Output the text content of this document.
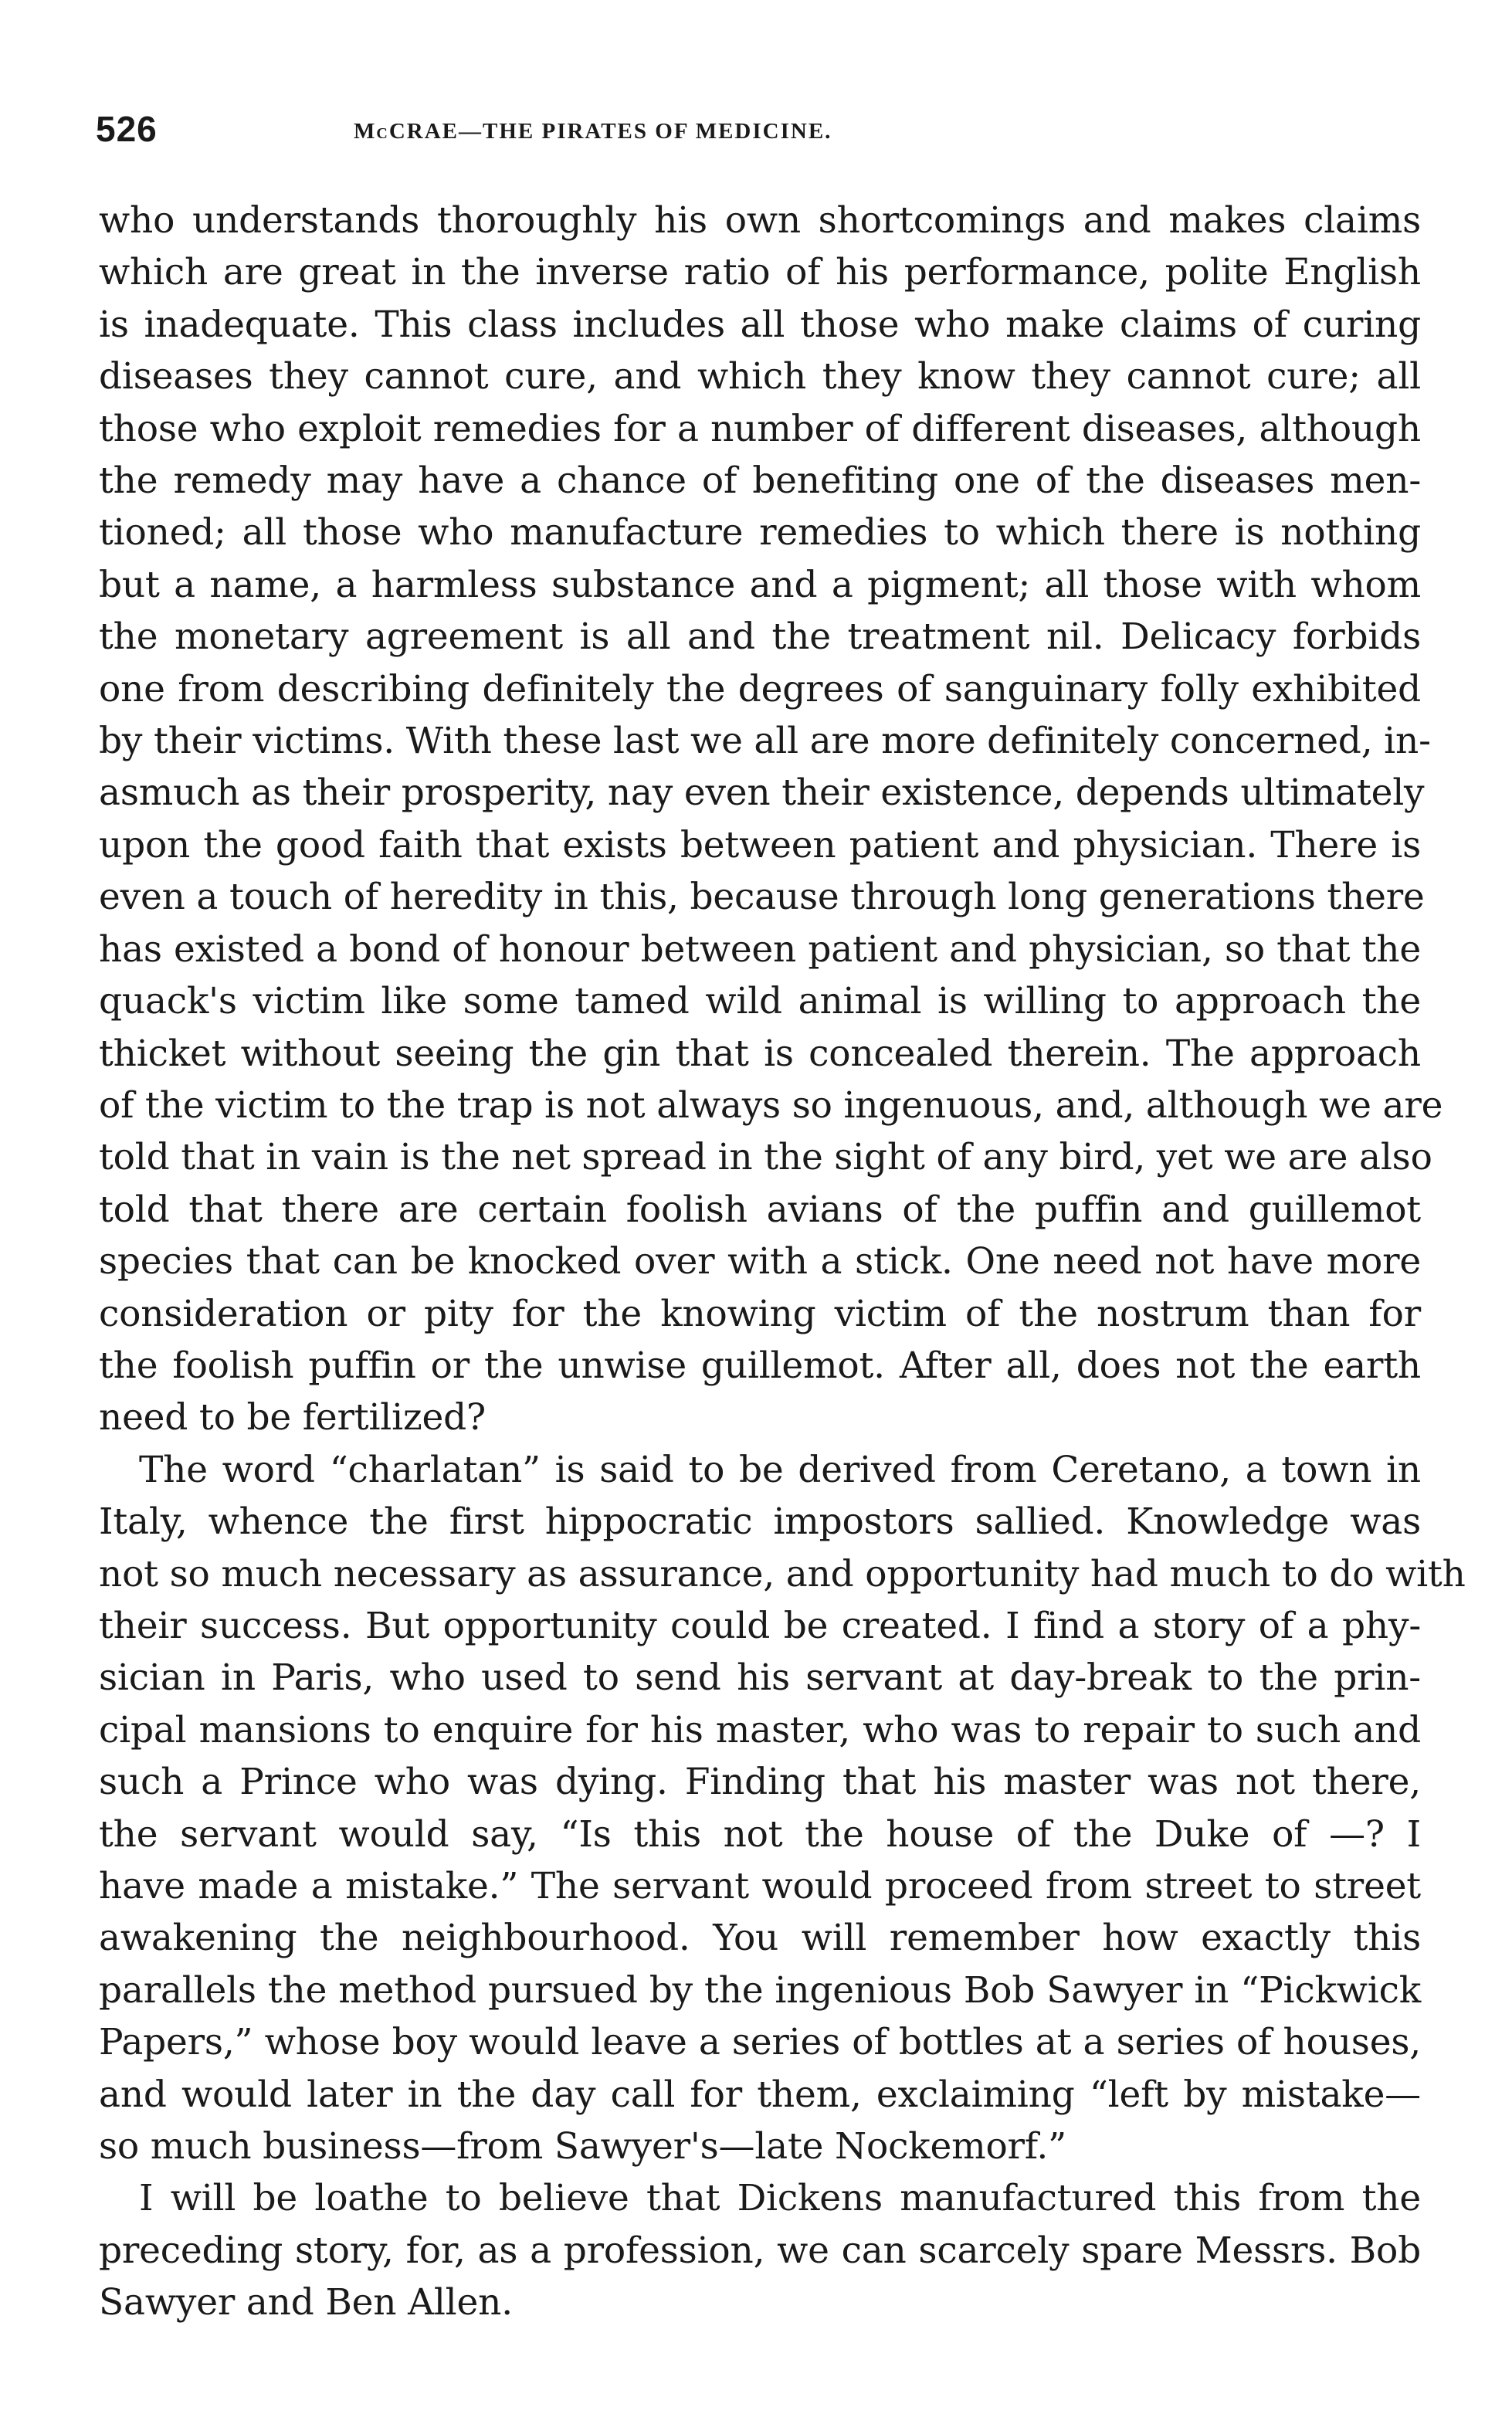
526	McCRAE—THE PIRATES OF MEDICINE.
who understands thoroughly his own shortcomings and makes claims
which are great in the inverse ratio of his performance, polite English
is inadequate. This class includes all those who make claims of curing
diseases they cannot cure, and which they know they cannot cure; all
those who exploit remedies for a number of different diseases, although
the remedy may have a chance of benefiting one of the diseases men-
tioned; all those who manufacture remedies to which there is nothing
but a name, a harmless substance and a pigment; all those with whom
the monetary agreement is all and the treatment nil. Delicacy forbids
one from describing definitely the degrees of sanguinary folly exhibited
by their victims. With these last we all are more definitely concerned, in-
asmuch as their prosperity, nay even their existence, depends ultimately
upon the good faith that exists between patient and physician. There is
even a touch of heredity in this, because through long generations there
has existed a bond of honour between patient and physician, so that the
quack's victim like some tamed wild animal is willing to approach the
thicket without seeing the gin that is concealed therein. The approach
of the victim to the trap is not always so ingenuous, and, although we are
told that in vain is the net spread in the sight of any bird, yet we are also
told that there are certain foolish avians of the puffin and guillemot
species that can be knocked over with a stick. One need not have more
consideration or pity for the knowing victim of the nostrum than for
the foolish puffin or the unwise guillemot. After all, does not the earth
need to be fertilized?
The word “charlatan” is said to be derived from Ceretano, a town in
Italy, whence the first hippocratic impostors sallied. Knowledge was
not so much necessary as assurance, and opportunity had much to do with
their success. But opportunity could be created. I find a story of a phy-
sician in Paris, who used to send his servant at day-break to the prin-
cipal mansions to enquire for his master, who was to repair to such and
such a Prince who was dying. Finding that his master was not there,
the servant would say, “Is this not the house of the Duke of —? I
have made a mistake.” The servant would proceed from street to street
awakening the neighbourhood. You will remember how exactly this
parallels the method pursued by the ingenious Bob Sawyer in “Pickwick
Papers,” whose boy would leave a series of bottles at a series of houses,
and would later in the day call for them, exclaiming “left by mistake—
so much business—from Sawyer's—late Nockemorf.”
I will be loathe to believe that Dickens manufactured this from the
preceding story, for, as a profession, we can scarcely spare Messrs. Bob
Sawyer and Ben Allen.
